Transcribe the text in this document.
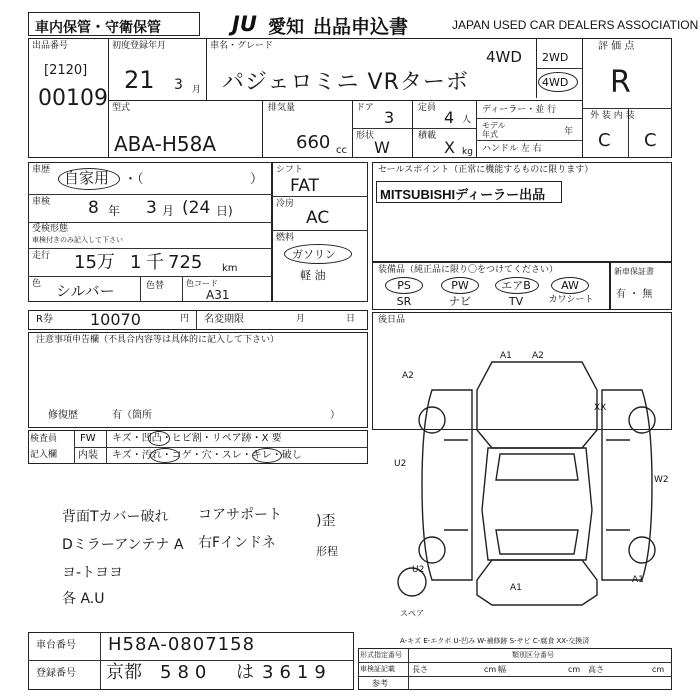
車内保管・守衛保管	JU 愛知 出品申込書	JAPAN USED CAR DEALERS ASSOCIATION
出品番号
[2120]
00109
初度登録年月
21 3 月
車名・グレード
4WD
パジェロミニ VRターボ
2WD
4WD
評 価 点
R
外 装 内 装
C C
型式
ABA-H58A
排気量
660 cc
ドア 3	定員 4 人
形状
W
積載
X kg
ディーラー・並 行
モデル
年式	年
ハンドル 左 右
車歴 自家用 ・（	）
車検 8 年 3 月 (24 日)
受検形態
車検付きのみ記入して下さい
走行 15万 1 千 725 km
色 シルバー	色替	色コード
A31
シフト
FAT
冷房
AC
燃料
ガソリン
軽 油
セールスポイント（正常に機能するものに限ります）
MITSUBISHIディーラー出品
装備品（純正品に限り〇をつけてください）
PS	PW	エアB	AW
SR	ナビ	TV	カワシート
新車保証書
有 ・ 無
R券 10070	円 名変期限	月	日
注意事項申告欄（不具合内容等は具体的に記入して下さい）
修復歴	有（箇所	）
後日品
検査員
記入欄
FW キズ・凹凸・ヒビ割・リペア跡・X 要
内装 キズ・汚れ・コゲ・穴・スレ・キレ・破し
背面Tカバー破れ コアサポート )歪
Dミラーアンテナ A 右Fインドネ
形程
ヨ-トヨヨ
各 A.U
A1 A2
A2
XX
U2
W2
U2
A1
A1
スペア
A-キズ E-エクボ U-凹み W-補修跡 S-サビ C-腐食 XX-交換済
車台番号 H58A-0807158
登録番号 京都 580 は 3619
形式指定番号	類別区分番号
車検証記載 長さ	cm 幅	cm 高さ	cm
参考
